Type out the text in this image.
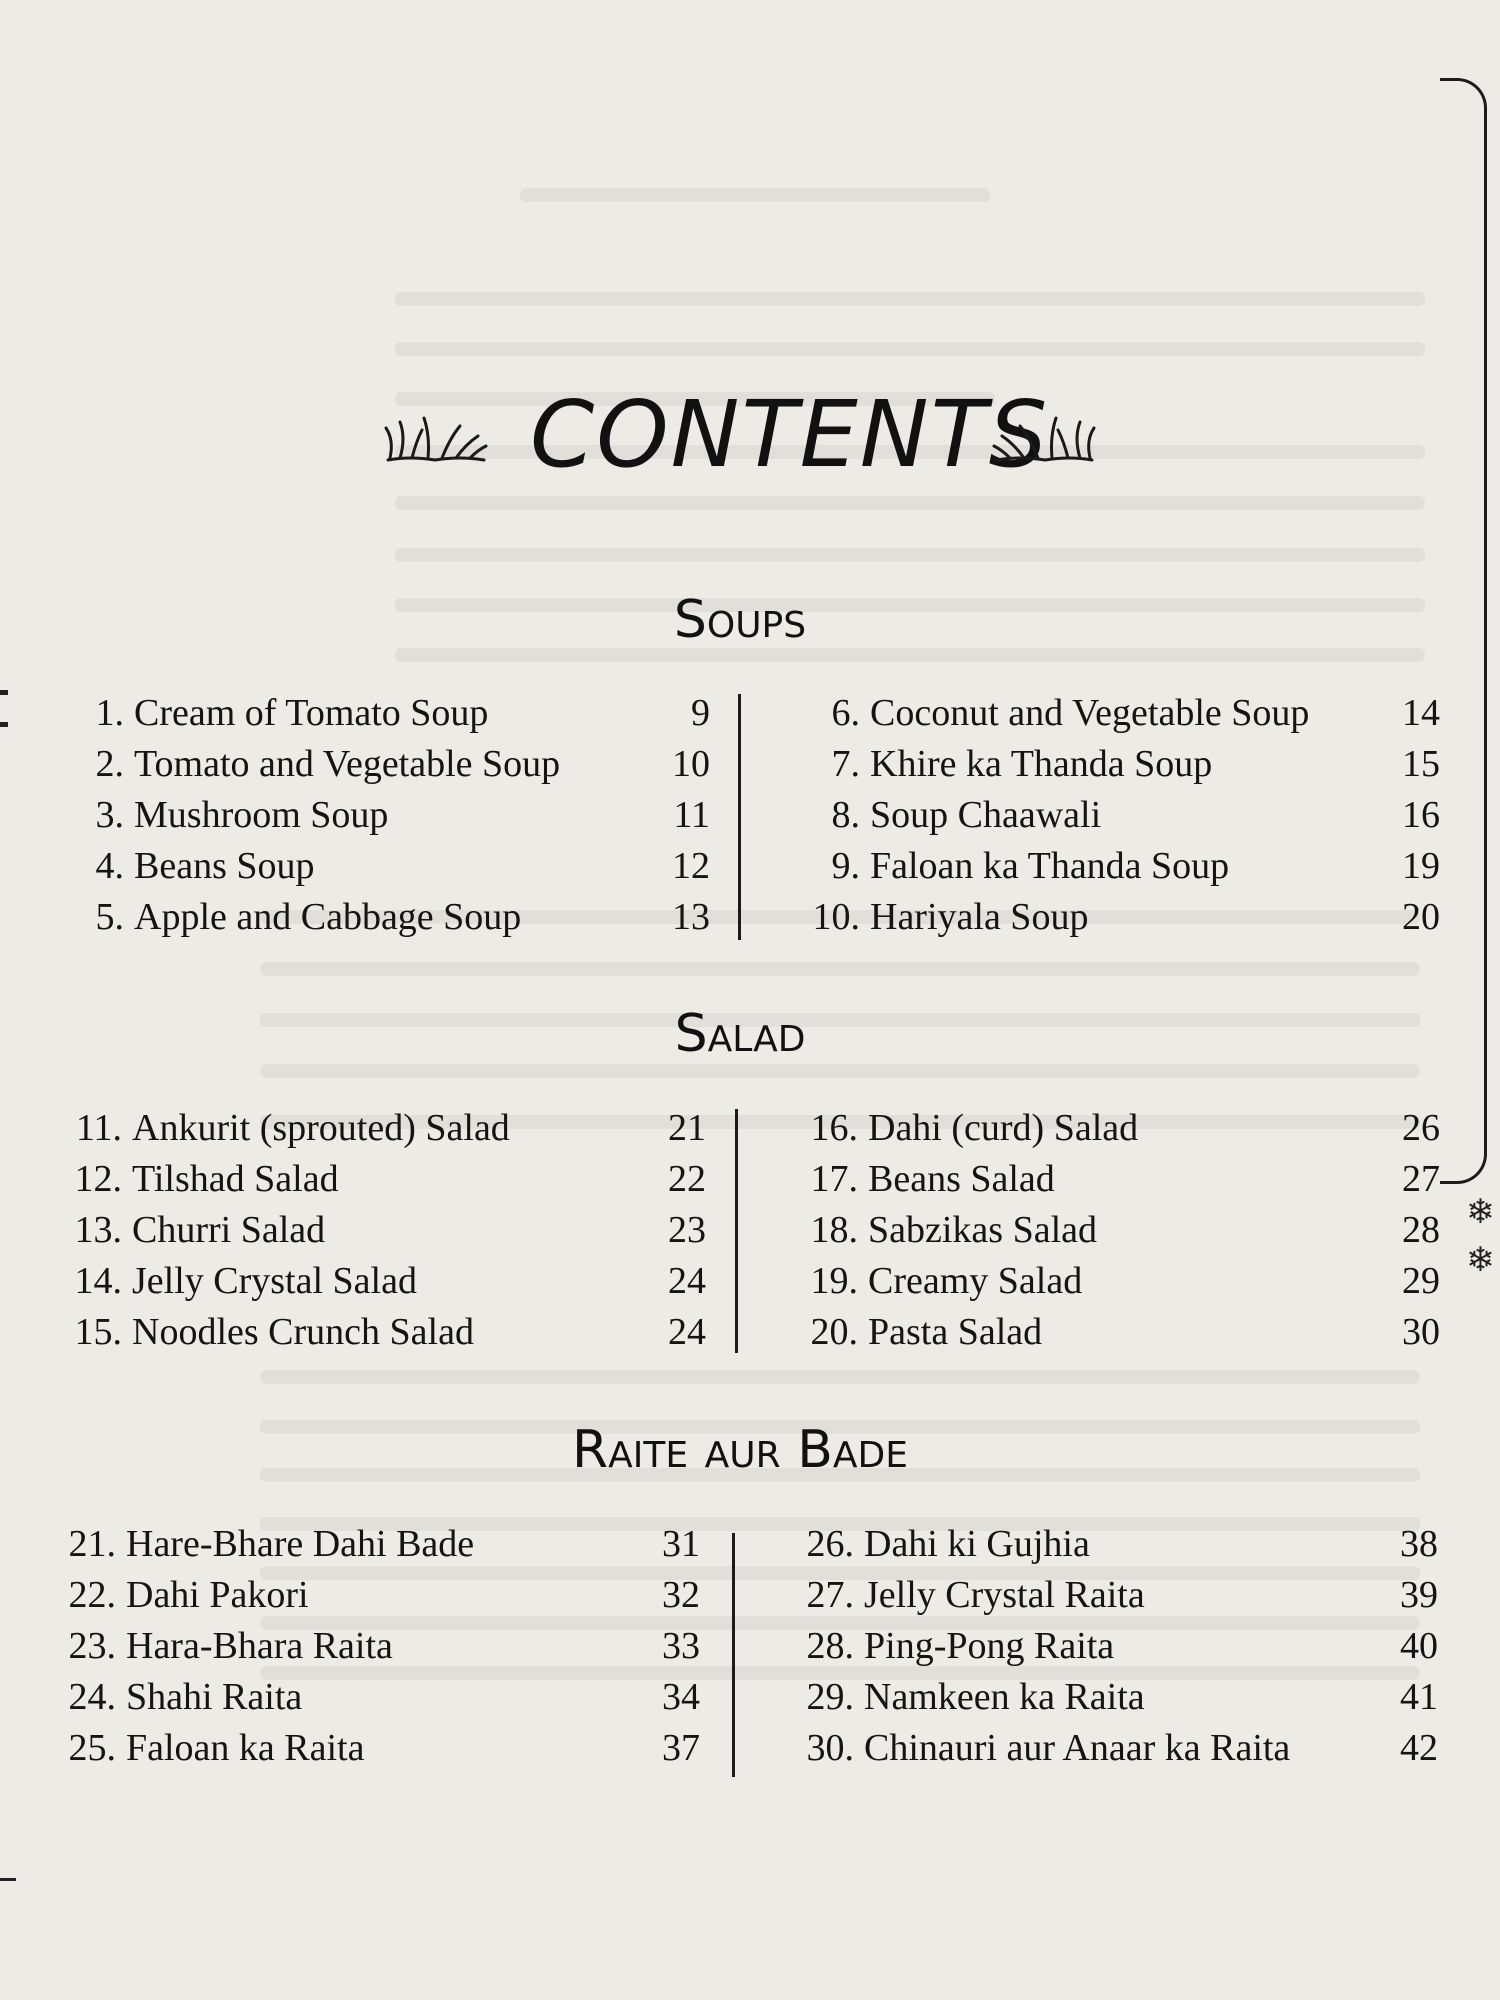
❄
❄
CONTENTS
Soups
1. Cream of Tomato Soup	9
2. Tomato and Vegetable Soup	10
3. Mushroom Soup	11
4. Beans Soup	12
5. Apple and Cabbage Soup	13
6. Coconut and Vegetable Soup 14
7. Khire ka Thanda Soup	15
8. Soup Chaawali	16
9. Faloan ka Thanda Soup	19
10. Hariyala Soup	20
Salad
11. Ankurit (sprouted) Salad	21
12. Tilshad Salad	22
13. Churri Salad	23
14. Jelly Crystal Salad	24
15. Noodles Crunch Salad	24
16. Dahi (curd) Salad	26
17. Beans Salad	27
18. Sabzikas Salad	28
19. Creamy Salad	29
20. Pasta Salad	30
Raite aur Bade
21. Hare-Bhare Dahi Bade	31
22. Dahi Pakori	32
23. Hara-Bhara Raita	33
24. Shahi Raita	34
25. Faloan ka Raita	37
26. Dahi ki Gujhia	38
27. Jelly Crystal Raita	39
28. Ping-Pong Raita	40
29. Namkeen ka Raita	41
30. Chinauri aur Anaar ka Raita	42
